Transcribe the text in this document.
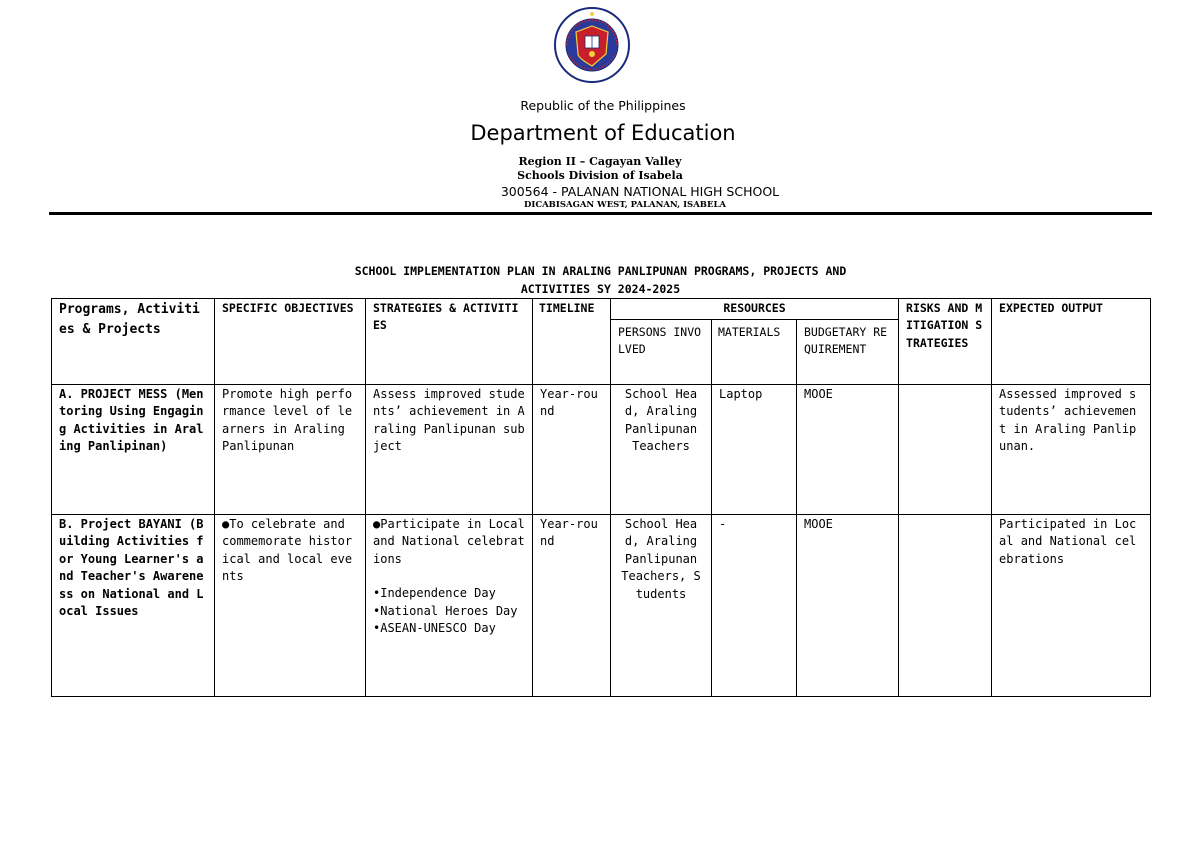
Republic of the Philippines
Department of Education
Region II – Cagayan Valley
Schools Division of Isabela
300564 - PALANAN NATIONAL HIGH SCHOOL
DICABISAGAN WEST, PALANAN, ISABELA
SCHOOL IMPLEMENTATION PLAN IN ARALING PANLIPUNAN PROGRAMS, PROJECTS AND
ACTIVITIES SY 2024-2025
Programs, Activities & Projects	SPECIFIC OBJECTIVES	STRATEGIES & ACTIVITIES	TIMELINE	RESOURCES			RISKS AND MITIGATION STRATEGIES	EXPECTED OUTPUT
				PERSONS INVOLVED	MATERIALS	BUDGETARY REQUIREMENT		
A. PROJECT MESS (Mentoring Using Engaging Activities in Araling Panlipinan)	Promote high performance level of learners in Araling Panlipunan	Assess improved students’ achievement in Araling Panlipunan subject	Year-round	School Head, Araling Panlipunan Teachers	Laptop	MOOE		Assessed improved students’ achievement in Araling Panlipunan.
B. Project BAYANI (Building Activities for Young Learner's and Teacher's Awareness on National and Local Issues	●To celebrate and commemorate historical and local events	●Participate in Local and National celebrations
•Independence Day
•National Heroes Day
•ASEAN-UNESCO Day	Year-round	School Head, Araling Panlipunan Teachers, Students	-	MOOE		Participated in Local and National celebrations
